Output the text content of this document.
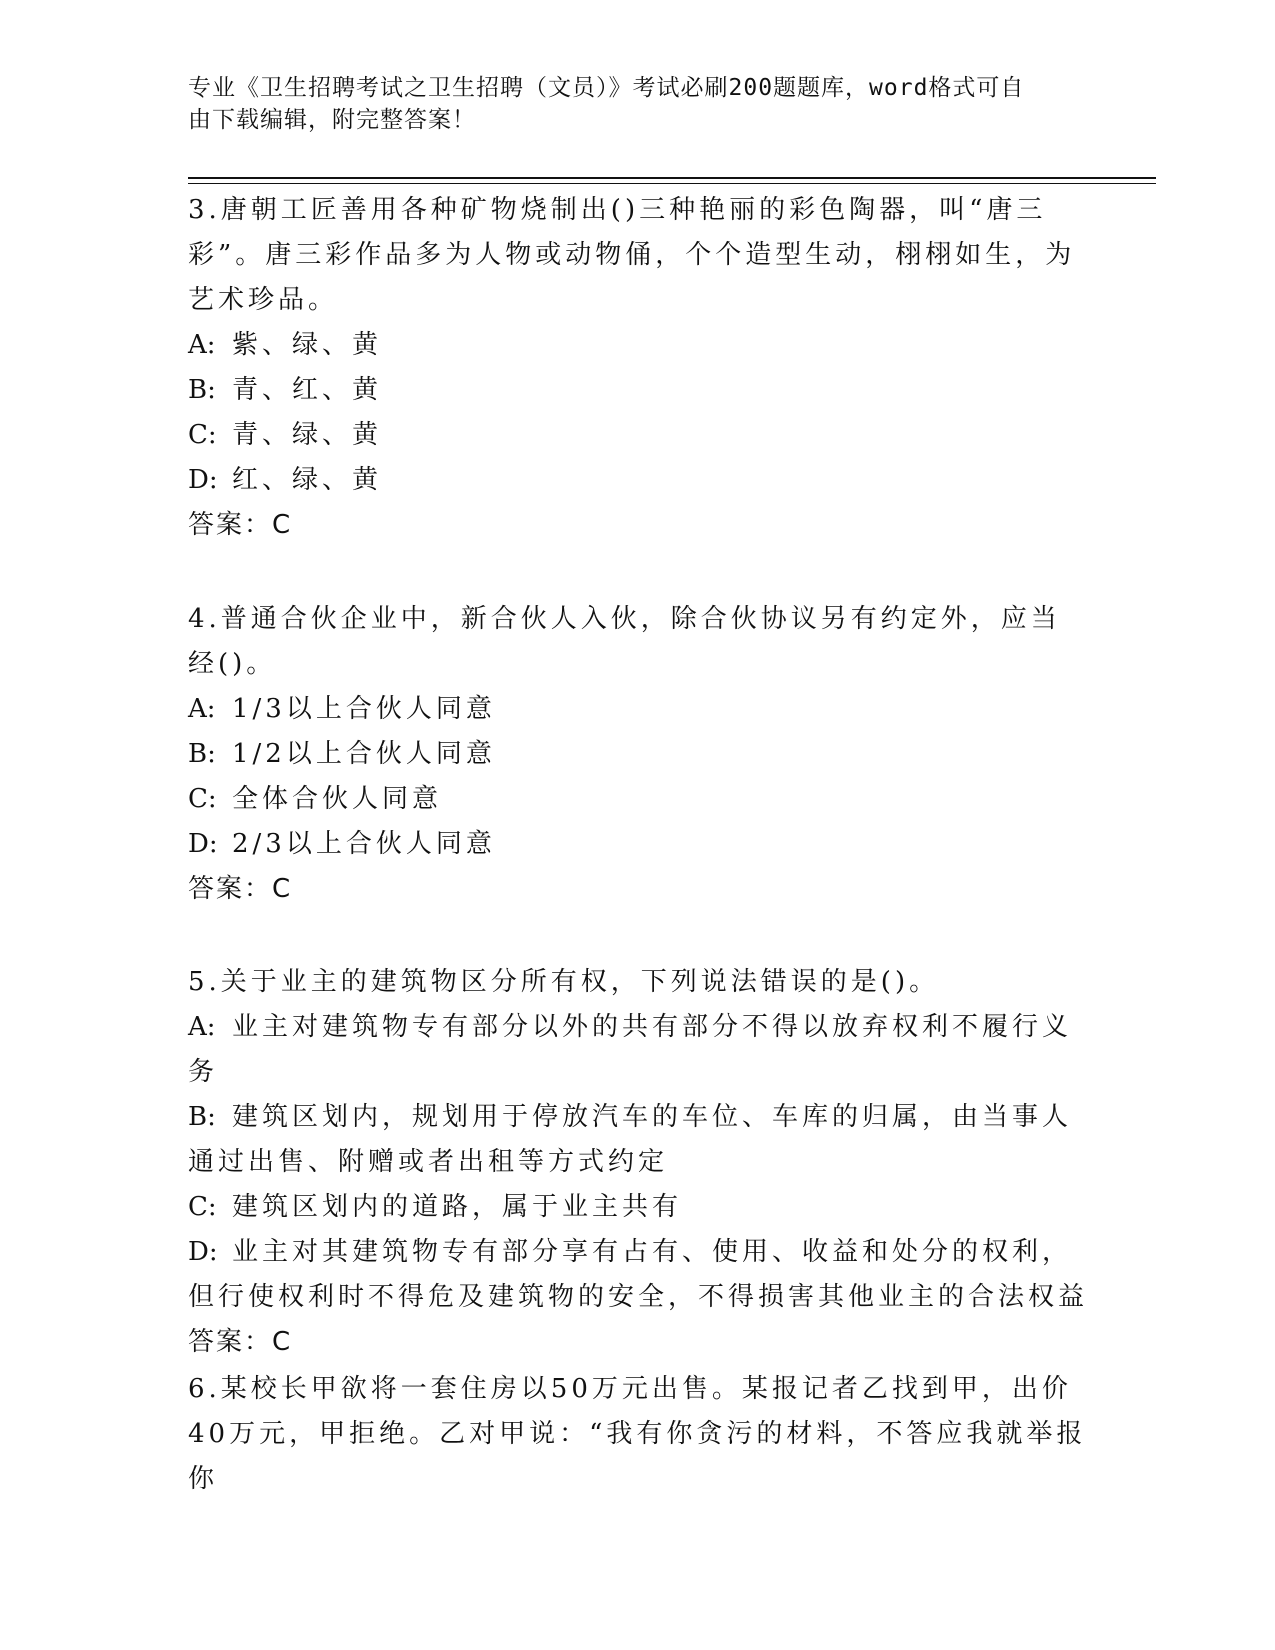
专业《卫生招聘考试之卫生招聘（文员）》考试必刷200题题库，word格式可自
由下载编辑，附完整答案！

3.唐朝工匠善用各种矿物烧制出()三种艳丽的彩色陶器，叫“唐三彩”。唐三彩作品多为人物或动物俑，个个造型生动，栩栩如生，为艺术珍品。

A: 紫、绿、黄

B: 青、红、黄

C: 青、绿、黄

D: 红、绿、黄

答案：C

4.普通合伙企业中，新合伙人入伙，除合伙协议另有约定外，应当经()。

A: 1/3以上合伙人同意

B: 1/2以上合伙人同意

C: 全体合伙人同意

D: 2/3以上合伙人同意

答案：C

5.关于业主的建筑物区分所有权，下列说法错误的是()。

A: 业主对建筑物专有部分以外的共有部分不得以放弃权利不履行义务

B: 建筑区划内，规划用于停放汽车的车位、车库的归属，由当事人通过出售、附赠或者出租等方式约定

C: 建筑区划内的道路，属于业主共有

D: 业主对其建筑物专有部分享有占有、使用、收益和处分的权利，但行使权利时不得危及建筑物的安全，不得损害其他业主的合法权益

答案：C

6.某校长甲欲将一套住房以50万元出售。某报记者乙找到甲，出价40万元，甲拒绝。乙对甲说：“我有你贪污的材料，不答应我就举报你
